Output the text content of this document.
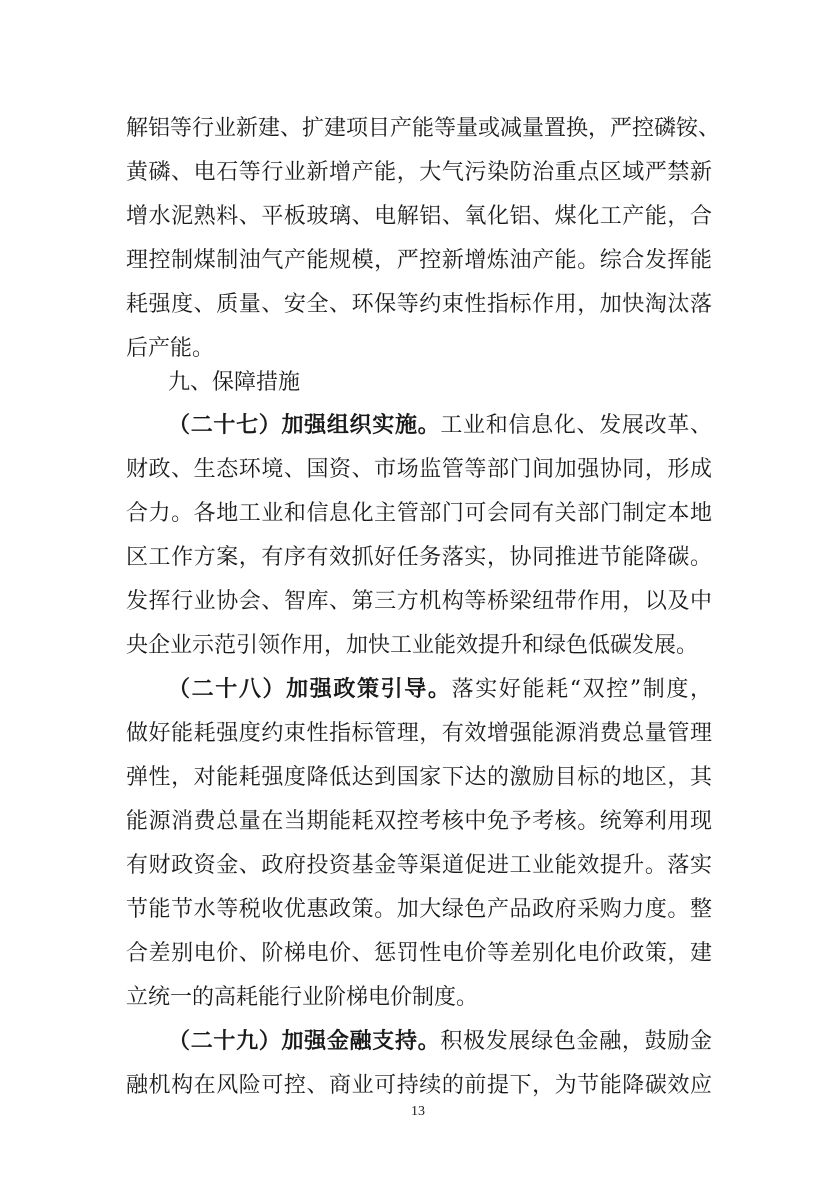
解铝等行业新建、扩建项目产能等量或减量置换，严控磷铵、
黄磷、电石等行业新增产能，大气污染防治重点区域严禁新
增水泥熟料、平板玻璃、电解铝、氧化铝、煤化工产能，合
理控制煤制油气产能规模，严控新增炼油产能。综合发挥能
耗强度、质量、安全、环保等约束性指标作用，加快淘汰落
后产能。
九、保障措施
（二十七）加强组织实施。工业和信息化、发展改革、
财政、生态环境、国资、市场监管等部门间加强协同，形成
合力。各地工业和信息化主管部门可会同有关部门制定本地
区工作方案，有序有效抓好任务落实，协同推进节能降碳。
发挥行业协会、智库、第三方机构等桥梁纽带作用，以及中
央企业示范引领作用，加快工业能效提升和绿色低碳发展。
（二十八）加强政策引导。落实好能耗“双控”制度，
做好能耗强度约束性指标管理，有效增强能源消费总量管理
弹性，对能耗强度降低达到国家下达的激励目标的地区，其
能源消费总量在当期能耗双控考核中免予考核。统筹利用现
有财政资金、政府投资基金等渠道促进工业能效提升。落实
节能节水等税收优惠政策。加大绿色产品政府采购力度。整
合差别电价、阶梯电价、惩罚性电价等差别化电价政策，建
立统一的高耗能行业阶梯电价制度。
（二十九）加强金融支持。积极发展绿色金融，鼓励金
融机构在风险可控、商业可持续的前提下，为节能降碳效应
13
